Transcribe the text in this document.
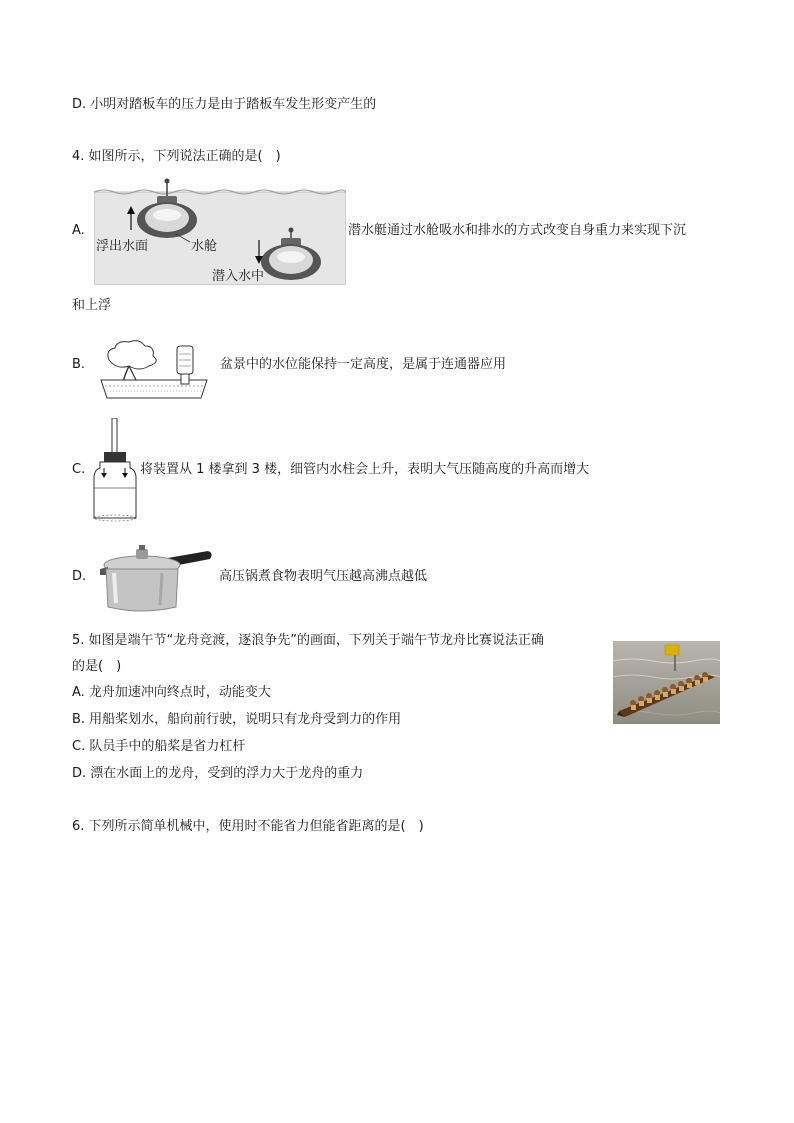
D. 小明对踏板车的压力是由于踏板车发生形变产生的
4. 如图所示，下列说法正确的是(　)
A.
浮出水面	水舱
潜入水中
潜水艇通过水舱吸水和排水的方式改变自身重力来实现下沉
和上浮
B.	盆景中的水位能保持一定高度，是属于连通器应用
C.	将装置从 1 楼拿到 3 楼，细管内水柱会上升，表明大气压随高度的升高而增大
D.	高压锅煮食物表明气压越高沸点越低
5. 如图是端午节“龙舟竞渡，逐浪争先”的画面，下列关于端午节龙舟比赛说法正确
的是(　)
A. 龙舟加速冲向终点时，动能变大
B. 用船桨划水，船向前行驶，说明只有龙舟受到力的作用
C. 队员手中的船桨是省力杠杆
D. 漂在水面上的龙舟，受到的浮力大于龙舟的重力
6. 下列所示简单机械中，使用时不能省力但能省距离的是(　)
